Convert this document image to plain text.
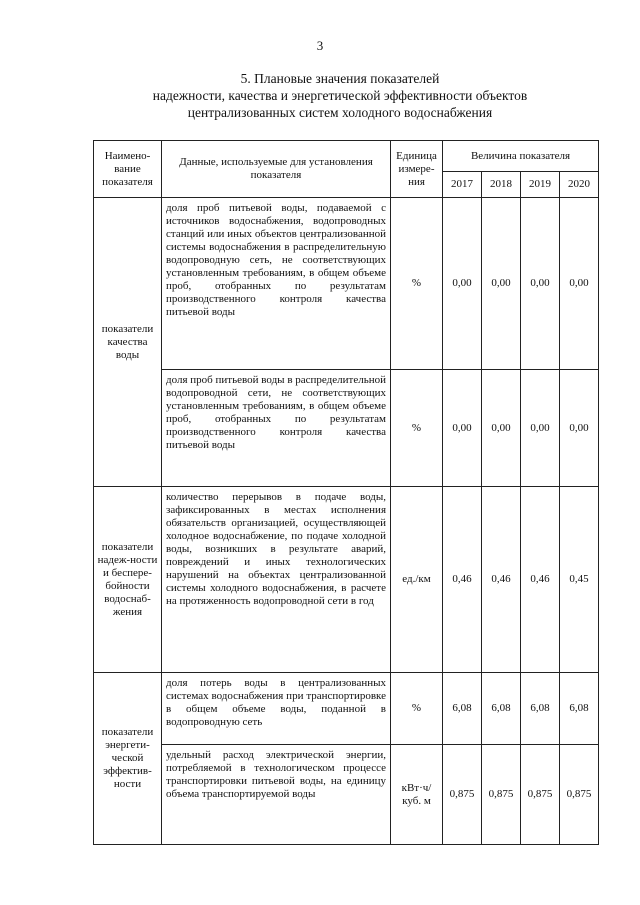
3
5. Плановые значения показателей
надежности, качества и энергетической эффективности объектов
централизованных систем холодного водоснабжения
Наимено-вание показателя	Данные, используемые для установления показателя	Единица измере-ния	Величина показателя			
			2017	2018	2019	2020
показатели качества воды	доля проб питьевой воды, подаваемой с источников водоснабжения, водопроводных станций или иных объектов централизованной системы водоснабжения в распределительную водопроводную сеть, не соответствующих установленным требованиям, в общем объеме проб, отобранных по результатам производственного контроля качества питьевой воды	%	0,00	0,00	0,00	0,00
	доля проб питьевой воды в распределительной водопроводной сети, не соответствующих установленным требованиям, в общем объеме проб, отобранных по результатам производственного контроля качества питьевой воды	%	0,00	0,00	0,00	0,00
показатели надеж-ности и беспере-бойности водоснаб-жения	количество перерывов в подаче воды, зафиксированных в местах исполнения обязательств организацией, осуществляющей холодное водоснабжение, по подаче холодной воды, возникших в результате аварий, повреждений и иных технологических нарушений на объектах централизованной системы холодного водоснабжения, в расчете на протяженность водопроводной сети в год	ед./км	0,46	0,46	0,46	0,45
показатели энергети-ческой эффектив-ности	доля потерь воды в централизованных системах водоснабжения при транспортировке в общем объеме воды, поданной в водопроводную сеть	%	6,08	6,08	6,08	6,08
	удельный расход электрической энергии, потребляемой в технологическом процессе транспортировки питьевой воды, на единицу объема транспортируемой воды	кВт·ч/ куб. м	0,875	0,875	0,875	0,875
